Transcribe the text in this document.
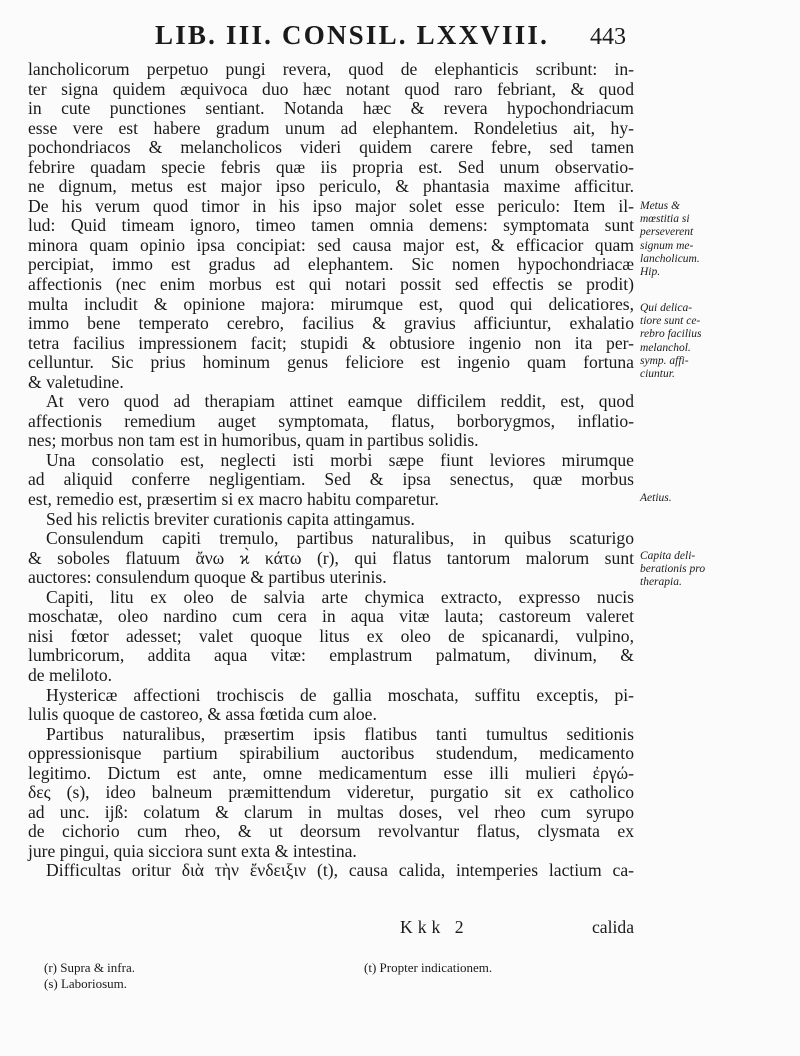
LIB. III. CONSIL. LXXVIII. 443
lancholicorum perpetuo pungi revera, quod de elephanticis scribunt: in-
ter signa quidem æquivoca duo hæc notant quod raro febriant, & quod
in cute punctiones sentiant. Notanda hæc & revera hypochondriacum
esse vere est habere gradum unum ad elephantem. Rondeletius ait, hy-
pochondriacos & melancholicos videri quidem carere febre, sed tamen
febrire quadam specie febris quæ iis propria est. Sed unum observatio-
ne dignum, metus est major ipso periculo, & phantasia maxime afficitur.
De his verum quod timor in his ipso major solet esse periculo: Item il-
lud: Quid timeam ignoro, timeo tamen omnia demens: symptomata sunt
minora quam opinio ipsa concipiat: sed causa major est, & efficacior quam
percipiat, immo est gradus ad elephantem. Sic nomen hypochondriacæ
affectionis (nec enim morbus est qui notari possit sed effectis se prodit)
multa includit & opinione majora: mirumque est, quod qui delicatiores,
immo bene temperato cerebro, facilius & gravius afficiuntur, exhalatio
tetra facilius impressionem facit; stupidi & obtusiore ingenio non ita per-
celluntur. Sic prius hominum genus feliciore est ingenio quam fortuna
& valetudine.
At vero quod ad therapiam attinet eamque difficilem reddit, est, quod
affectionis remedium auget symptomata, flatus, borborygmos, inflatio-
nes; morbus non tam est in humoribus, quam in partibus solidis.
Una consolatio est, neglecti isti morbi sæpe fiunt leviores mirumque
ad aliquid conferre negligentiam. Sed & ipsa senectus, quæ morbus
est, remedio est, præsertim si ex macro habitu comparetur.
Sed his relictis breviter curationis capita attingamus.
Consulendum capiti tremulo, partibus naturalibus, in quibus scaturigo
& soboles flatuum ἄνω ϰ̀ κάτω (r), qui flatus tantorum malorum sunt
auctores: consulendum quoque & partibus uterinis.
Capiti, litu ex oleo de salvia arte chymica extracto, expresso nucis
moschatæ, oleo nardino cum cera in aqua vitæ lauta; castoreum valeret
nisi fœtor adesset; valet quoque litus ex oleo de spicanardi, vulpino,
lumbricorum, addita aqua vitæ: emplastrum palmatum, divinum, &
de meliloto.
Hystericæ affectioni trochiscis de gallia moschata, suffitu exceptis, pi-
lulis quoque de castoreo, & assa fœtida cum aloe.
Partibus naturalibus, præsertim ipsis flatibus tanti tumultus seditionis
oppressionisque partium spirabilium auctoribus studendum, medicamento
legitimo. Dictum est ante, omne medicamentum esse illi mulieri ἐργώ-
δες (s), ideo balneum præmittendum videretur, purgatio sit ex catholico
ad unc. ijß: colatum & clarum in multas doses, vel rheo cum syrupo
de cichorio cum rheo, & ut deorsum revolvantur flatus, clysmata ex
jure pingui, quia sicciora sunt exta & intestina.
Difficultas oritur διὰ τὴν ἔνδειξιν (t), causa calida, intemperies lactium ca-
Metus &
mœstitia si
perseverent
signum me-
lancholicum.
Hip.
Qui delica-
tiore sunt ce-
rebro facilius
melanchol.
symp. affi-
ciuntur.
Aetius.
Capita deli-
berationis pro
therapia.
Kkk 2	calida
(r) Supra & infra.
(s) Laboriosum.
(t) Propter indicationem.
